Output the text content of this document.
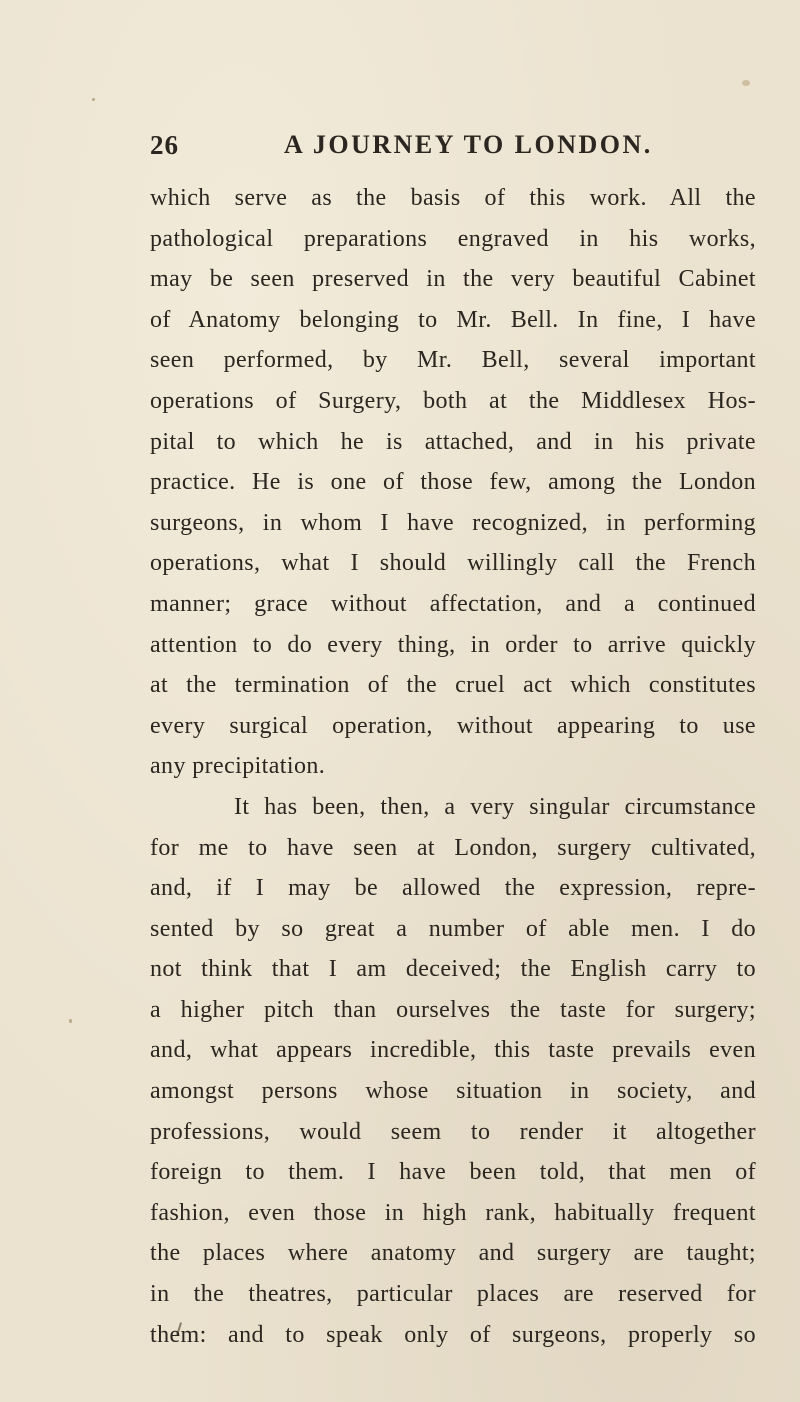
26	A JOURNEY TO LONDON.
which serve as the basis of this work. All the
pathological preparations engraved in his works,
may be seen preserved in the very beautiful Cabinet
of Anatomy belonging to Mr. Bell. In fine, I have
seen performed, by Mr. Bell, several important
operations of Surgery, both at the Middlesex Hos-
pital to which he is attached, and in his private
practice. He is one of those few, among the London
surgeons, in whom I have recognized, in performing
operations, what I should willingly call the French
manner; grace without affectation, and a continued
attention to do every thing, in order to arrive quickly
at the termination of the cruel act which constitutes
every surgical operation, without appearing to use
any precipitation.
It has been, then, a very singular circumstance
for me to have seen at London, surgery cultivated,
and, if I may be allowed the expression, repre-
sented by so great a number of able men. I do
not think that I am deceived; the English carry to
a higher pitch than ourselves the taste for surgery;
and, what appears incredible, this taste prevails even
amongst persons whose situation in society, and
professions, would seem to render it altogether
foreign to them. I have been told, that men of
fashion, even those in high rank, habitually frequent
the places where anatomy and surgery are taught;
in the theatres, particular places are reserved for
them: and to speak only of surgeons, properly so
